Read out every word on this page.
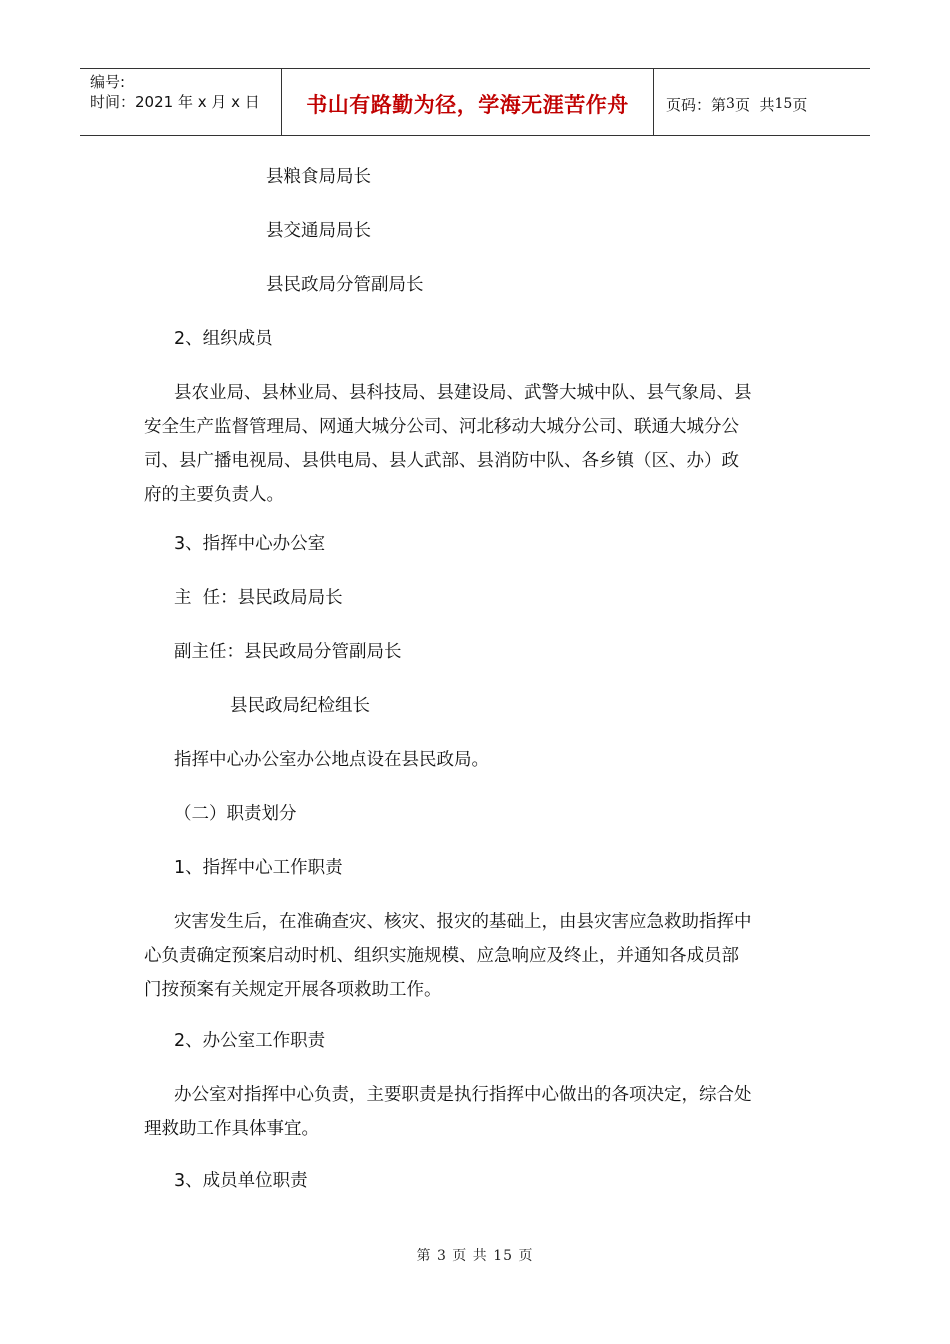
编号:
时间：2021 年 x 月 x 日	书山有路勤为径，学海无涯苦作舟	页码：第 3 页  共 15 页
县粮食局局长
县交通局局长
县民政局分管副局长
2、组织成员
县农业局、县林业局、县科技局、县建设局、武警大城中队、县气象局、县
安全生产监督管理局、网通大城分公司、河北移动大城分公司、联通大城分公
司、县广播电视局、县供电局、县人武部、县消防中队、各乡镇（区、办）政
府的主要负责人。
3、指挥中心办公室
主  任：县民政局局长
副主任：县民政局分管副局长
县民政局纪检组长
指挥中心办公室办公地点设在县民政局。
（二）职责划分
1、指挥中心工作职责
灾害发生后，在准确查灾、核灾、报灾的基础上，由县灾害应急救助指挥中
心负责确定预案启动时机、组织实施规模、应急响应及终止，并通知各成员部
门按预案有关规定开展各项救助工作。
2、办公室工作职责
办公室对指挥中心负责，主要职责是执行指挥中心做出的各项决定，综合处
理救助工作具体事宜。
3、成员单位职责
第 3 页 共 15 页
